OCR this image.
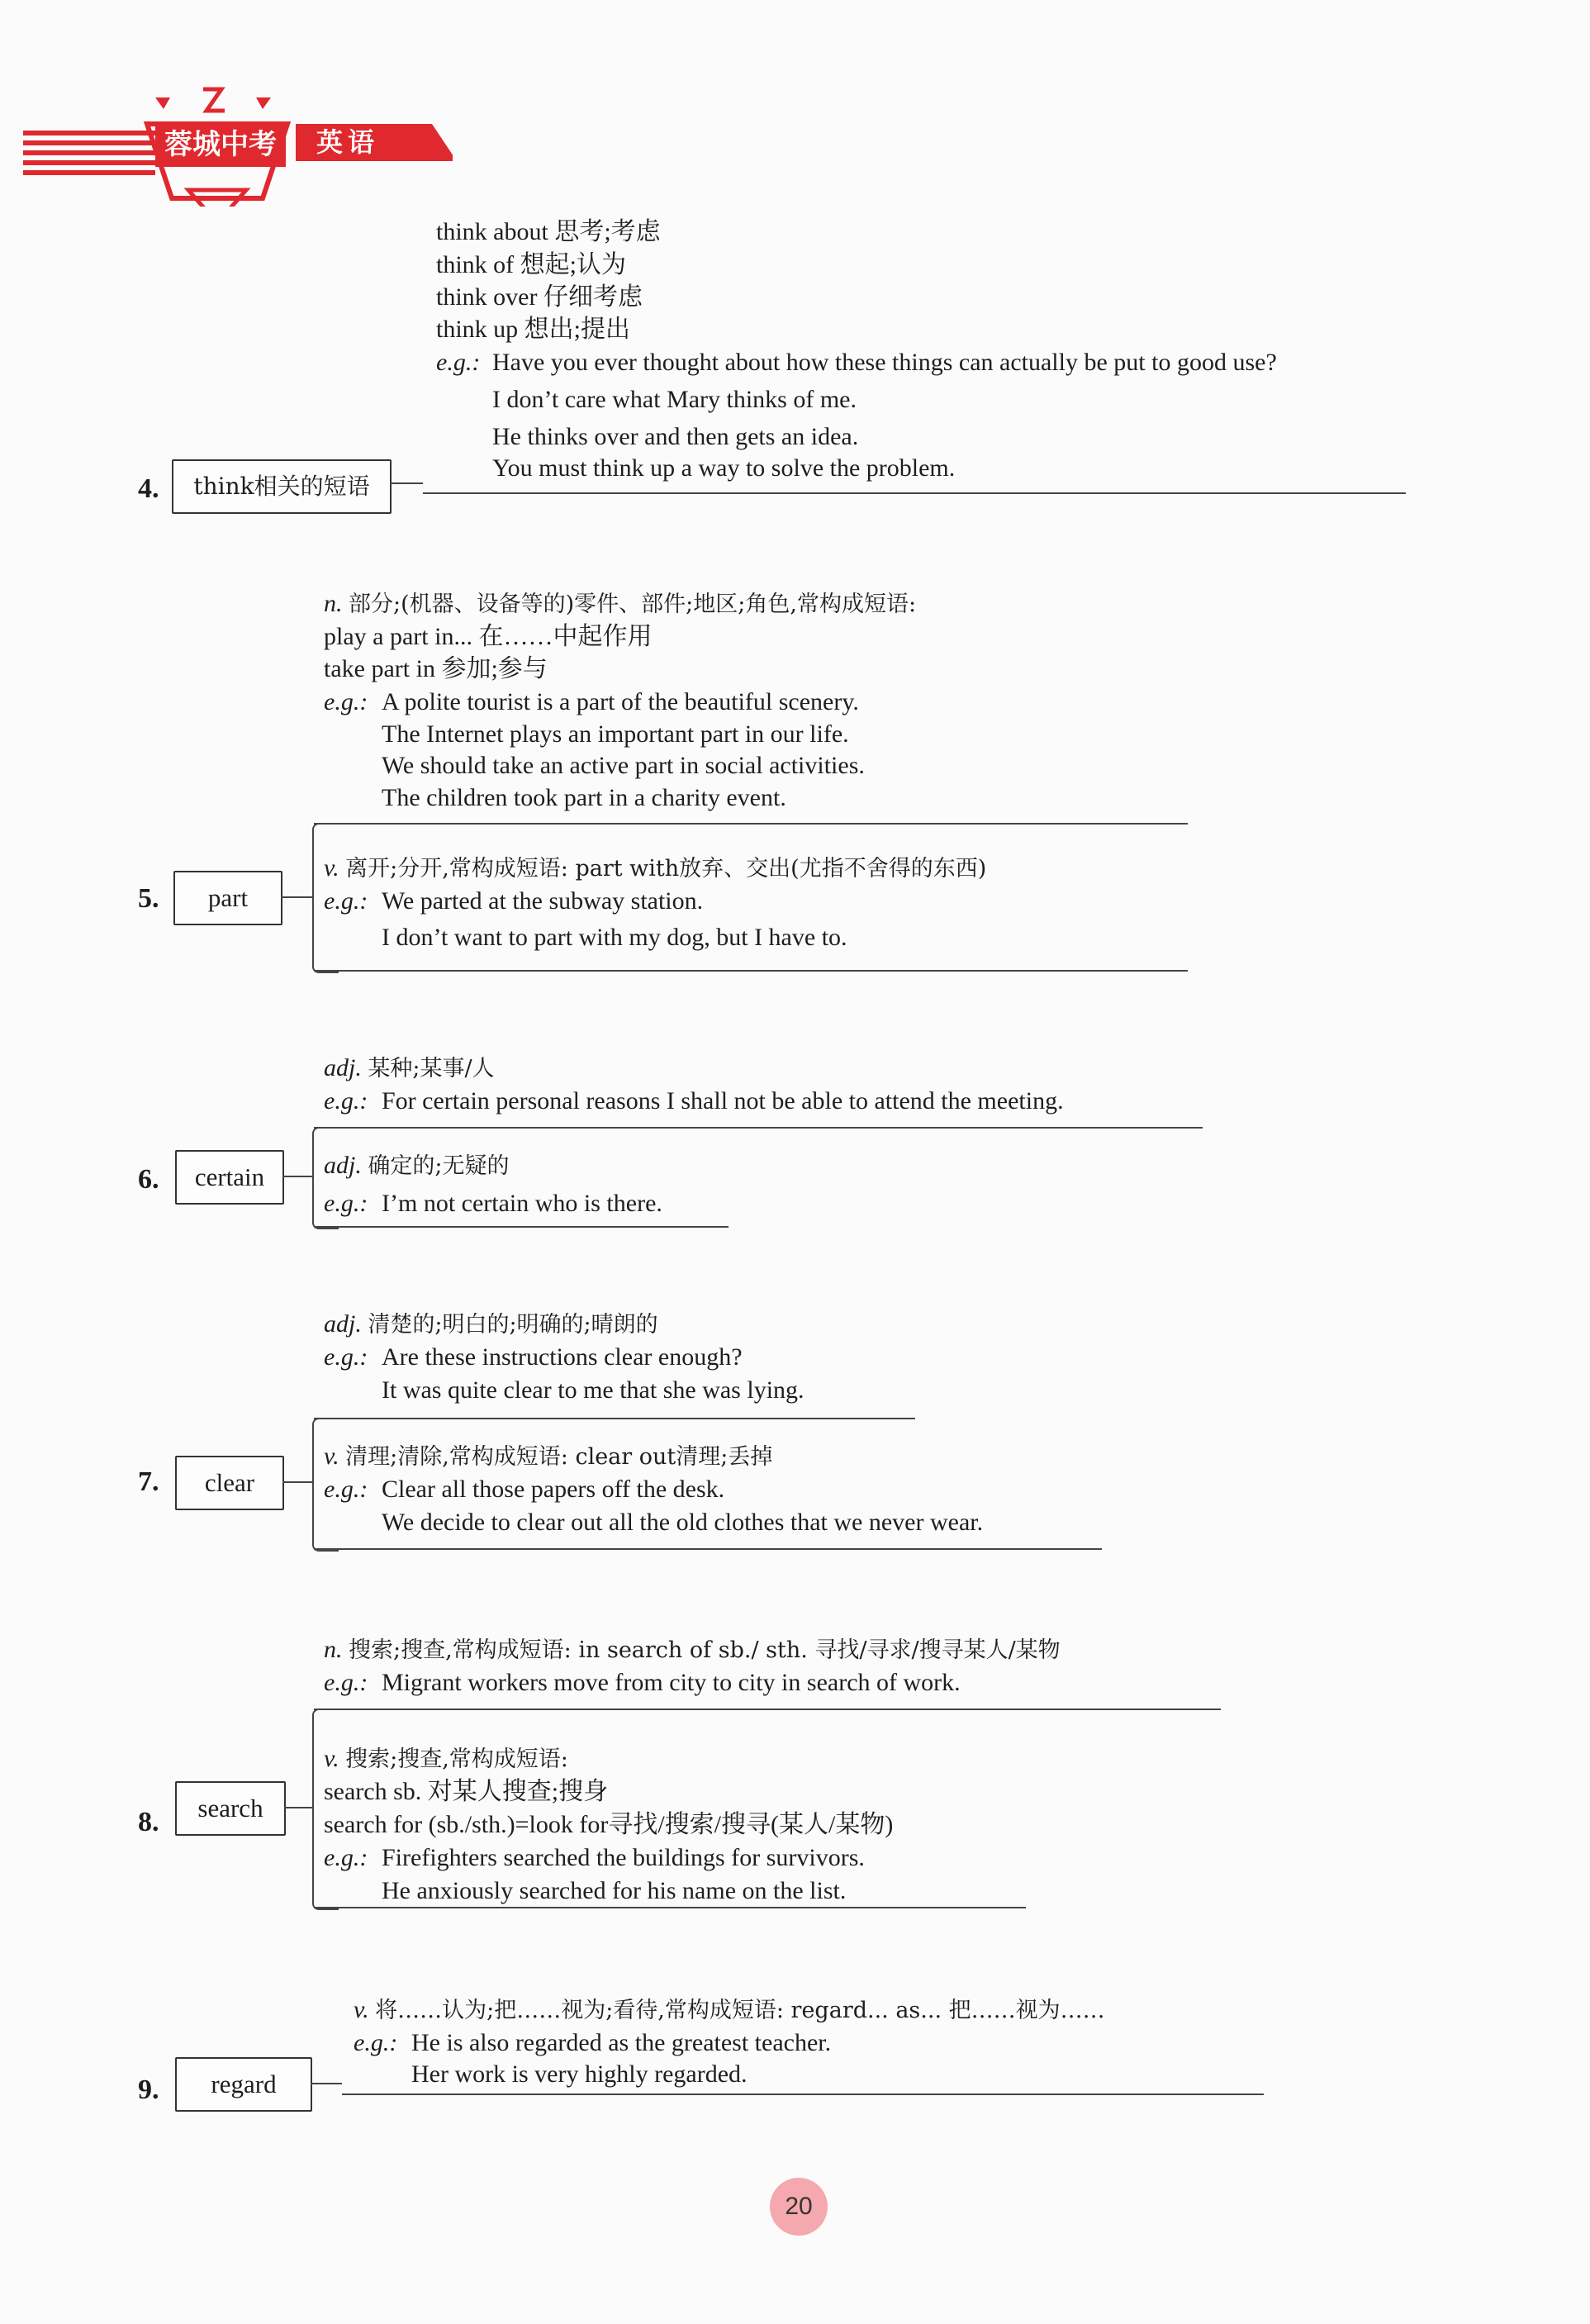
蓉城中考	英语
think about 思考;考虑
think of 想起;认为
think over 仔细考虑
think up 想出;提出
e.g.: Have you ever thought about how these things can actually be put to good use?
I don’t care what Mary thinks of me.
He thinks over and then gets an idea.
You must think up a way to solve the problem.
4.	think相关的短语
n. 部分;(机器、设备等的)零件、部件;地区;角色,常构成短语:
play a part in... 在……中起作用
take part in 参加;参与
e.g.: A polite tourist is a part of the beautiful scenery.
The Internet plays an important part in our life.
We should take an active part in social activities.
The children took part in a charity event.
v. 离开;分开,常构成短语: part with放弃、交出(尤指不舍得的东西)
e.g.: We parted at the subway station.
I don’t want to part with my dog, but I have to.
5.	part
adj. 某种;某事/人
e.g.: For certain personal reasons I shall not be able to attend the meeting.
adj. 确定的;无疑的
e.g.: I’m not certain who is there.
6.	certain
adj. 清楚的;明白的;明确的;晴朗的
e.g.: Are these instructions clear enough?
It was quite clear to me that she was lying.
v. 清理;清除,常构成短语: clear out清理;丢掉
e.g.: Clear all those papers off the desk.
We decide to clear out all the old clothes that we never wear.
7.	clear
n. 搜索;搜查,常构成短语: in search of sb./ sth. 寻找/寻求/搜寻某人/某物
e.g.: Migrant workers move from city to city in search of work.
v. 搜索;搜查,常构成短语:
search sb. 对某人搜查;搜身
search for (sb./sth.)=look for寻找/搜索/搜寻(某人/某物)
e.g.: Firefighters searched the buildings for survivors.
He anxiously searched for his name on the list.
8.	search
v. 将……认为;把……视为;看待,常构成短语: regard... as... 把……视为……
e.g.: He is also regarded as the greatest teacher.
Her work is very highly regarded.
9.	regard
20
